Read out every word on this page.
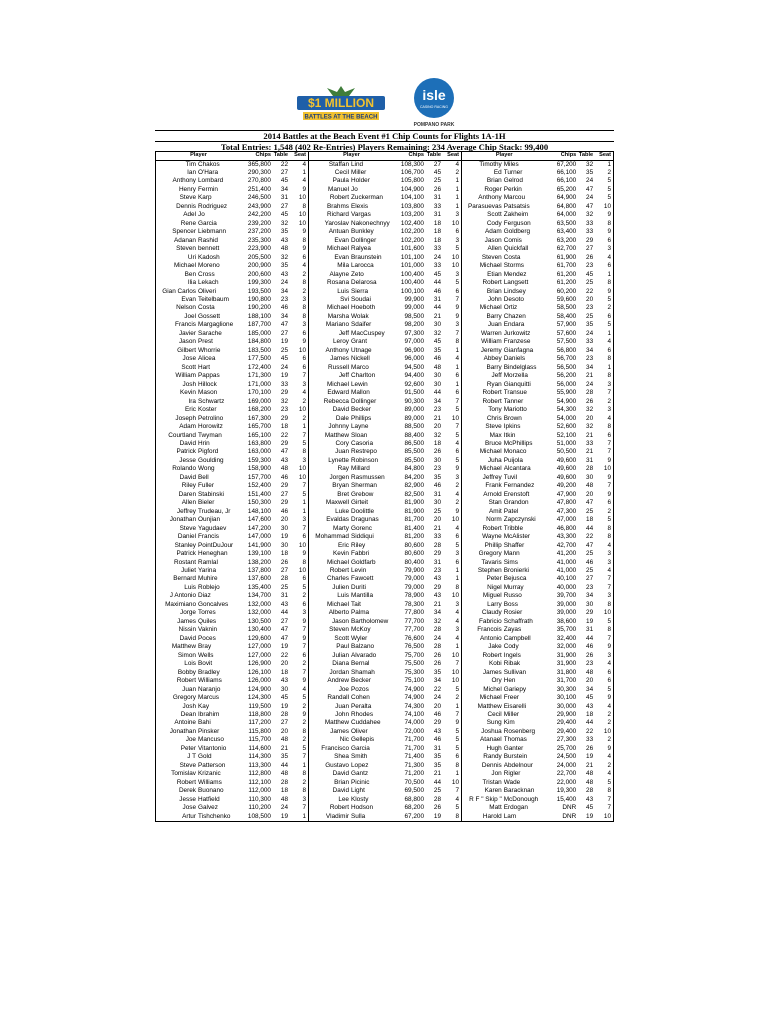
$1 MILLION
BATTLES AT THE BEACH
isle
CASINO RACING
POMPANO PARK
2014 Battles at the Beach Event #1 Chip Counts for Flights 1A-1H
Total Entries: 1,548 (402 Re-Entries) Players Remaining: 234 Average Chip Stack: 99,400
Player	Chips Table	Seat
Tim Chakos	365,800	22	4
Ian O'Hara	290,300	27	1
Anthony Lombard	270,800	45	4
Henry Fermin	251,400	34	9
Steve Karp	246,500	31	10
Dennis Rodriguez	243,900	27	8
Adel Jo	242,200	45	10
Rene Garcia	239,200	32	10
Spencer Liebmann	237,200	35	9
Adanan Rashid	235,300	43	8
Steven bennett	223,900	48	9
Uri Kadosh	205,500	32	6
Michael Moreno	200,900	35	4
Ben Cross	200,600	43	2
Ilia Lekach	199,300	24	8
Gian Carlos Oliveri	193,500	34	2
Evan Teitelbaum	190,800	23	3
Nelson Costa	190,200	46	8
Joel Gossett	188,100	34	8
Francis Margaglione	187,700	47	3
Javier Sarache	185,000	27	6
Jason Prest	184,800	19	9
Gilbert Whorrie	183,500	25	10
Jose Alicea	177,500	45	6
Scott Hart	172,400	24	6
William Pappas	171,300	19	7
Josh Hillock	171,000	33	3
Kevin Mason	170,100	29	4
Ira Schwartz	169,000	32	2
Eric Koster	168,200	23	10
Joseph Petrolino	167,300	29	2
Adam Horowitz	165,700	18	1
Courtland Twyman	165,100	22	7
David Hrin	163,800	29	5
Patrick Pigford	163,000	47	8
Jesse Goulding	159,300	43	3
Rolando Wong	158,900	48	10
David Bell	157,700	46	10
Riley Fuller	152,400	29	7
Daren Stabinski	151,400	27	5
Allen Bieler	150,300	29	1
Jeffrey Trudeau, Jr	148,100	46	1
Jonathan Ounjian	147,600	20	3
Steve Yagudaev	147,200	30	7
Daniel Francis	147,000	19	6
Stanley PointDuJour	141,900	30	10
Patrick Heneghan	139,100	18	9
Rostant Ramlal	138,200	26	8
Juliet Yarina	137,800	27	10
Bernard Muhire	137,600	28	6
Luis Roblejo	135,400	25	5
J Antonio Diaz	134,700	31	2
Maximiano Goncalves	132,000	43	6
Jorge Torres	132,000	44	3
James Quiles	130,500	27	9
Nissin Vaknin	130,400	47	7
David Poces	129,600	47	9
Matthew Bray	127,000	19	7
Simon Wells	127,000	22	6
Lois Bovit	126,900	20	2
Bobby Bradley	126,100	18	7
Robert Williams	126,000	43	9
Juan Naranjo	124,900	30	4
Gregory Marcus	124,300	45	5
Josh Kay	119,500	19	2
Dean Ibrahim	118,800	28	9
Antoine Bahi	117,200	27	2
Jonathan Pinsker	115,800	20	8
Joe Mancuso	115,700	48	2
Peter Vitantonio	114,600	21	5
J T Gold	114,300	35	7
Steve Patterson	113,300	44	1
Tomislav Krizanic	112,800	48	8
Robert Williams	112,100	28	2
Derek Buonano	112,000	18	8
Jesse Hatfield	110,300	48	3
Jose Galvez	110,200	24	7
Artur Tishchenko	108,500	19	1
Player	Chips Table	Seat
Staffan Lind	108,300	27	4
Cecil Miller	106,700	45	2
Paula Holder	105,800	25	1
Manuel Jo	104,900	26	1
Robert Zuckerman	104,100	31	1
Brahms Elexis	103,800	33	1
Richard Vargas	103,200	31	3
Yaroslav Nakonechnyy	102,400	18	10
Antuan Bunkley	102,200	18	6
Evan Dollinger	102,200	18	3
Michael Ralyea	101,600	33	5
Evan Braunstein	101,100	24	10
Mila Larocca	101,000	33	10
Alayne Zeto	100,400	45	3
Rosana Delarosa	100,400	44	5
Luis Sierra	100,100	46	6
Svi Soudai	99,900	31	7
Michael Hoeboth	99,000	44	9
Marsha Wolak	98,500	21	9
Mariano Sdaifer	98,200	30	3
Jeff MacCuspey	97,300	32	7
Leroy Grant	97,000	45	8
Anthony Utnage	96,900	35	1
James Nickell	96,000	46	4
Russell Marco	94,500	48	1
Jeff Charlton	94,400	30	6
Michael Lewin	92,600	30	1
Edward Mallon	91,500	44	6
Rebecca Dollinger	90,300	34	7
David Becker	89,000	23	5
Dale Phillips	89,000	21	10
Johnny Layne	88,500	20	7
Matthew Sloan	88,400	32	5
Cory Casoria	86,500	18	4
Juan Restrepo	85,500	26	6
Lynette Robinson	85,500	30	5
Ray Millard	84,800	23	9
Jorgen Rasmussen	84,200	35	3
Bryan Sherman	82,900	46	2
Bret Grebow	82,500	31	4
Maxwell Girteit	81,900	30	2
Luke Doolittle	81,900	25	9
Evaldas Dragunas	81,700	20	10
Marty Gorenc	81,400	21	4
Mohammad Siddiqui	81,200	33	6
Eric Riley	80,600	28	5
Kevin Fabbri	80,600	29	3
Michael Goldfarb	80,400	31	6
Robert Levin	79,900	23	1
Charles Fawcett	79,000	43	1
Julien Duriti	79,000	29	8
Luis Mantilla	78,900	43	10
Michael Tait	78,300	21	3
Alberto Palma	77,800	34	4
Jason Bartholomew	77,700	32	4
Steven McKoy	77,700	28	3
Scott Wyler	76,600	24	4
Paul Balzano	76,500	28	1
Julian Alvarado	75,700	26	10
Diana Bernal	75,500	26	7
Jordan Shamah	75,300	35	10
Andrew Becker	75,100	34	10
Joe Pozos	74,900	22	5
Randall Cohen	74,900	24	2
Juan Peralta	74,300	20	1
John Rhodes	74,100	46	7
Matthew Cuddahee	74,000	29	9
James Oliver	72,000	43	5
Nic Gellepis	71,700	46	5
Francisco Garcia	71,700	31	5
Shea Smith	71,400	35	6
Gustavo Lopez	71,300	35	8
David Gantz	71,200	21	1
Brian Picinic	70,500	44	10
David Light	69,500	25	7
Lee Klosty	68,800	28	4
Robert Hodson	68,200	26	5
Vladimir Sulla	67,200	19	8
Player	Chips Table	Seat
Timothy Miles	67,200	32	1
Ed Turner	66,100	35	2
Brian Gelrod	66,100	24	5
Roger Perkin	65,200	47	5
Anthony Marcou	64,900	24	5
Parasuevas Patsatsis	64,800	47	10
Scott Zakheim	64,000	32	9
Cody Ferguson	63,500	33	8
Adam Goldberg	63,400	33	9
Jason Comis	63,200	29	6
Allen Quickfall	62,700	27	3
Steven Costa	61,900	26	4
Michael Storms	61,700	23	6
Etian Mendez	61,200	45	1
Robert Langsett	61,200	25	8
Brian Lindsey	60,200	22	9
John Desoto	59,600	20	5
Michael Ortiz	58,500	23	2
Barry Chazen	58,400	25	6
Juan Endara	57,900	35	5
Warren Jurkowitz	57,600	24	1
William Franzese	57,500	33	4
Jeremy Gianfagna	56,800	34	6
Abbey Daniels	56,700	23	8
Barry Bindelglass	56,500	34	1
Jeff Morzella	56,200	21	8
Ryan Gianquitti	56,000	24	3
Robert Transue	55,900	28	7
Robert Tanner	54,900	26	2
Tony Mariotto	54,300	32	3
Chris Brown	54,000	20	4
Steve Ipkins	52,600	32	8
Max Itkin	52,100	21	6
Bruce McPhillips	51,000	33	7
Michael Monaco	50,500	21	7
Juha Puijola	49,600	31	9
Michael Alcantara	49,600	28	10
Jeffrey Tuvil	49,600	30	9
Frank Fernandez	49,200	48	7
Arnold Erenstoft	47,900	20	9
Stan Grandon	47,800	47	6
Amit Patel	47,300	25	2
Norm Zapczynski	47,000	18	5
Robert Tribble	46,800	44	8
Wayne McAlister	43,300	22	8
Phillip Shaffer	42,700	47	4
Gregory Mann	41,200	25	3
Tavaris Sims	41,000	46	3
Stephen Bronierki	41,000	25	4
Peter Bejusca	40,100	27	7
Nigel Murray	40,000	23	7
Miguel Russo	39,700	34	3
Larry Boss	39,000	30	8
Claudy Rosier	39,000	29	10
Fabricio Schaffrath	38,600	19	5
Francois Zayas	35,700	31	8
Antonio Campbell	32,400	44	7
Jake Cody	32,000	46	9
Robert Ingels	31,900	26	3
Kobi Ribak	31,900	23	4
James Sullivan	31,800	48	6
Ory Hen	31,700	20	6
Michel Gariepy	30,300	34	5
Michael Freer	30,100	45	9
Matthew Eisarelli	30,000	43	4
Cecil Miller	29,900	18	2
Sung Kim	29,400	44	2
Joshua Rosenberg	29,400	22	10
Atanael Thomas	27,300	33	2
Hugh Ganter	25,700	26	9
Randy Burstein	24,500	19	4
Dennis Abdelnour	24,000	21	2
Jon Rigler	22,700	48	4
Tristan Wade	22,000	48	5
Karen Baracknan	19,300	28	8
R F " Skip " McDonough	15,400	43	7
Matt Erdogan	DNR	45	7
Harold Lam	DNR	19	10
